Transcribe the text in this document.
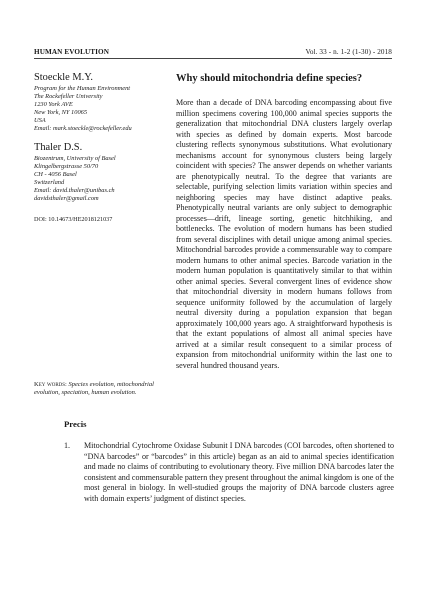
HUMAN EVOLUTION	Vol. 33 - n. 1-2 (1-30) - 2018
Stoeckle M.Y.
Program for the Human Environment
The Rockefeller University
1230 York AVE
New York, NY 10065
USA
Email: mark.stoeckle@rockefeller.edu
Thaler D.S.
Biozentrum, University of Basel
Klingelbergstrasse 50/70
CH - 4056 Basel
Switzerland
Email: david.thaler@unibas.ch
davidsthaler@gmail.com
DOI: 10.14673/HE2018121037
Key words: Species evolution, mitochondrial evolution, speciation, human evolution.
Why should mitochondria define species?
More than a decade of DNA barcoding encompassing about five million specimens covering 100,000 animal species supports the generalization that mitochondrial DNA clusters largely overlap with species as defined by domain experts. Most barcode clustering reflects synonymous substitutions. What evolutionary mechanisms account for synonymous clusters being largely coincident with species? The answer depends on whether variants are phenotypically neutral. To the degree that variants are selectable, purifying selection limits variation within species and neighboring species may have distinct adaptive peaks. Phenotypically neutral variants are only subject to demographic processes—drift, lineage sorting, genetic hitchhiking, and bottlenecks. The evolution of modern humans has been studied from several disciplines with detail unique among animal species. Mitochondrial barcodes provide a commensurable way to compare modern humans to other animal species. Barcode variation in the modern human population is quantitatively similar to that within other animal species. Several convergent lines of evidence show that mitochondrial diversity in modern humans follows from sequence uniformity followed by the accumulation of largely neutral diversity during a population expansion that began approximately 100,000 years ago. A straightforward hypothesis is that the extant populations of almost all animal species have arrived at a similar result consequent to a similar process of expansion from mitochondrial uniformity within the last one to several hundred thousand years.
Precis
1.	Mitochondrial Cytochrome Oxidase Subunit I DNA barcodes (COI barcodes, often shortened to “DNA barcodes” or “barcodes” in this article) began as an aid to animal species identification and made no claims of contributing to evolutionary theory. Five million DNA barcodes later the consistent and commensurable pattern they present throughout the animal kingdom is one of the most general in biology. In well-studied groups the majority of DNA barcode clusters agree with domain experts’ judgment of distinct species.
